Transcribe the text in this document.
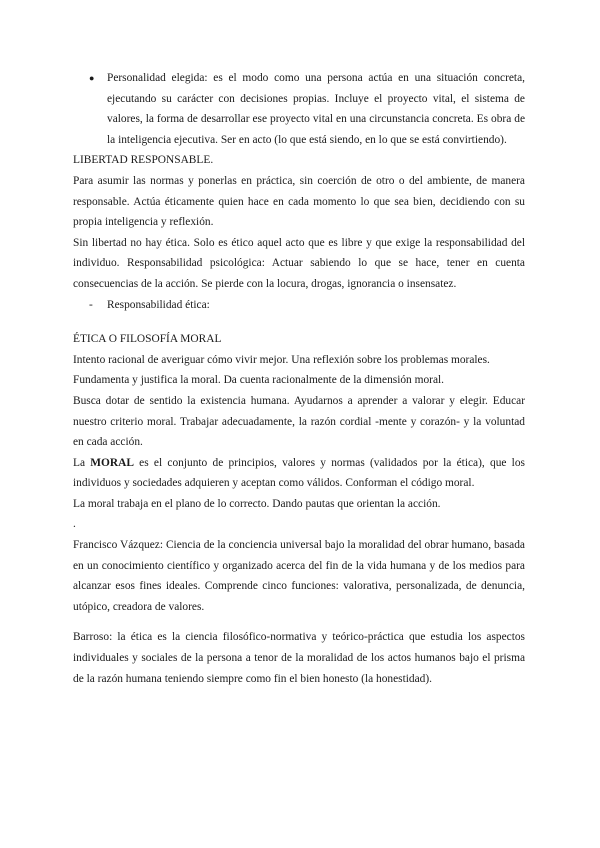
● Personalidad elegida: es el modo como una persona actúa en una situación concreta, ejecutando su carácter con decisiones propias. Incluye el proyecto vital, el sistema de valores, la forma de desarrollar ese proyecto vital en una circunstancia concreta. Es obra de la inteligencia ejecutiva. Ser en acto (lo que está siendo, en lo que se está convirtiendo).

LIBERTAD RESPONSABLE.

Para asumir las normas y ponerlas en práctica, sin coerción de otro o del ambiente, de manera responsable. Actúa éticamente quien hace en cada momento lo que sea bien, decidiendo con su propia inteligencia y reflexión.

Sin libertad no hay ética. Solo es ético aquel acto que es libre y que exige la responsabilidad del individuo. Responsabilidad psicológica: Actuar sabiendo lo que se hace, tener en cuenta consecuencias de la acción. Se pierde con la locura, drogas, ignorancia o insensatez.

- Responsabilidad ética:

ÉTICA O FILOSOFÍA MORAL

Intento racional de averiguar cómo vivir mejor. Una reflexión sobre los problemas morales.

Fundamenta y justifica la moral. Da cuenta racionalmente de la dimensión moral.

Busca dotar de sentido la existencia humana. Ayudarnos a aprender a valorar y elegir. Educar nuestro criterio moral. Trabajar adecuadamente, la razón cordial -mente y corazón- y la voluntad en cada acción.

La MORAL es el conjunto de principios, valores y normas (validados por la ética), que los individuos y sociedades adquieren y aceptan como válidos. Conforman el código moral.

La moral trabaja en el plano de lo correcto. Dando pautas que orientan la acción.

.

Francisco Vázquez: Ciencia de la conciencia universal bajo la moralidad del obrar humano, basada en un conocimiento científico y organizado acerca del fin de la vida humana y de los medios para alcanzar esos fines ideales. Comprende cinco funciones: valorativa, personalizada, de denuncia, utópico, creadora de valores.

Barroso: la ética es la ciencia filosófico-normativa y teórico-práctica que estudia los aspectos individuales y sociales de la persona a tenor de la moralidad de los actos humanos bajo el prisma de la razón humana teniendo siempre como fin el bien honesto (la honestidad).
